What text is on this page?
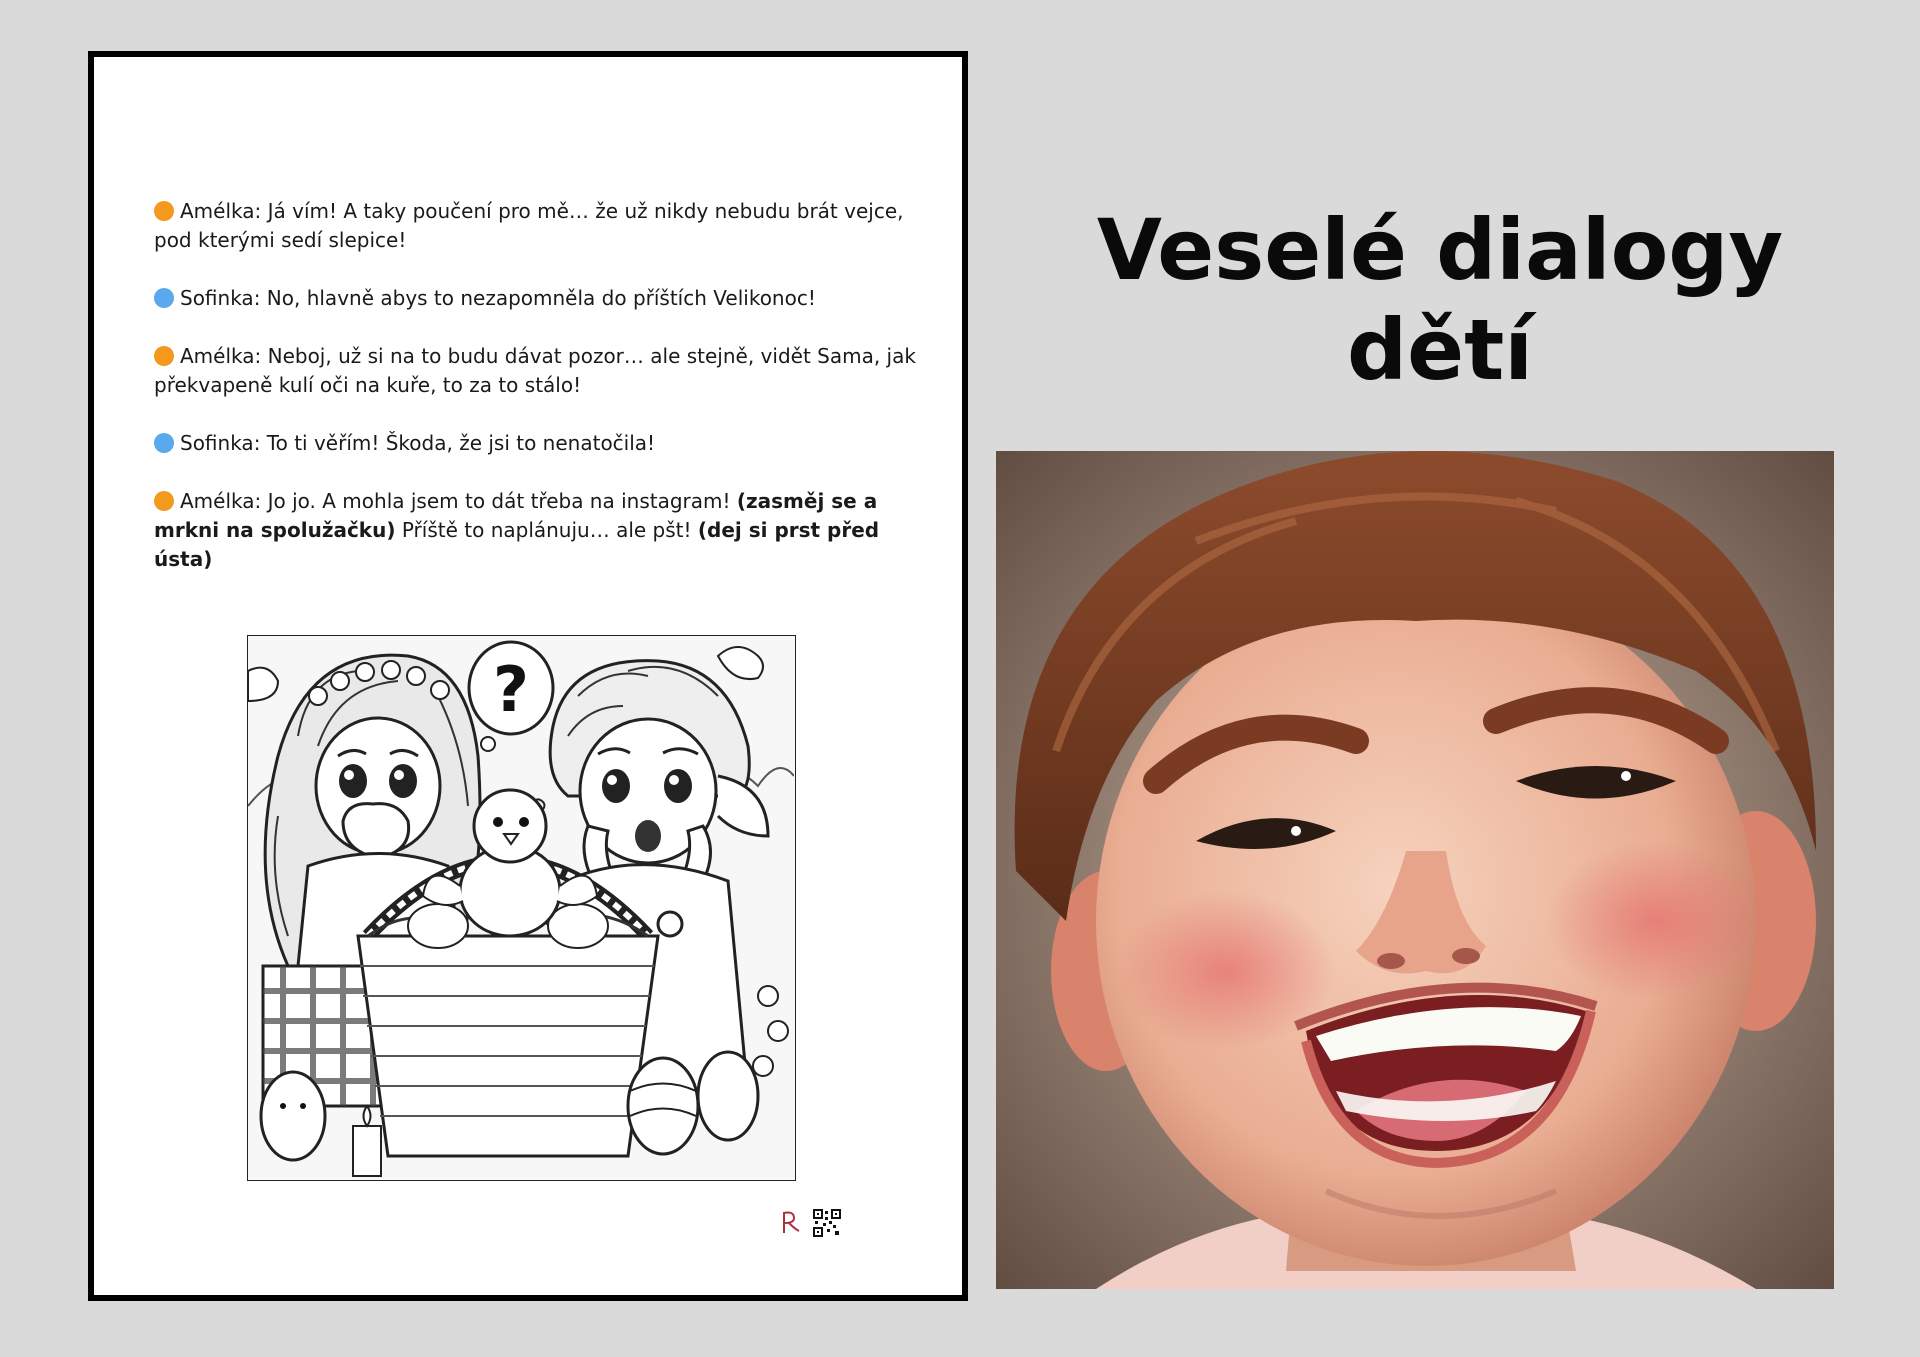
Amélka: Já vím! A taky poučení pro mě… že už nikdy nebudu brát vejce, pod kterými sedí slepice!

Sofinka: No, hlavně abys to nezapomněla do příštích Velikonoc!

Amélka: Neboj, už si na to budu dávat pozor… ale stejně, vidět Sama, jak překvapeně kulí oči na kuře, to za to stálo!

Sofinka: To ti věřím! Škoda, že jsi to nenatočila!

Amélka: Jo jo. A mohla jsem to dát třeba na instagram! (zasměj se a mrkni na spolužačku) Příště to naplánuju… ale pšt! (dej si prst před ústa)

?
Veselé dialogy dětí
